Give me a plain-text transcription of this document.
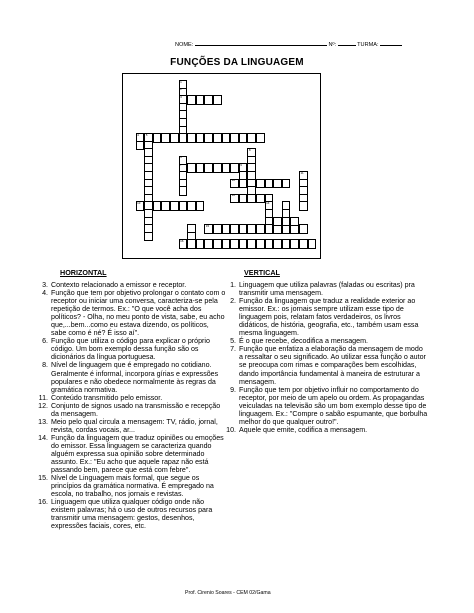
NOME:	Nº:	TURMA:
FUNÇÕES DA LINGUAGEM
1
2
3
4 5
9
6
8
10
12
11
13	14
15
16
HORIZONTAL	VERTICAL
3. Contexto relacionado a emissor e receptor.
4. Função que tem por objetivo prolongar o contato com o receptor ou iniciar uma conversa, caracteriza-se pela repetição de termos. Ex.: "O que você acha dos políticos? - Olha, no meu ponto de vista, sabe, eu acho que,...bem...como eu estava dizendo, os políticos, sabe como é né? É isso aí".
6. Função que utiliza o código para explicar o próprio código. Um bom exemplo dessa função são os dicionários da língua portuguesa.
8. Nível de linguagem que é empregado no cotidiano. Geralmente é informal, incorpora gírias e expressões populares e não obedece normalmente às regras da gramática normativa.
11. Conteúdo transmitido pelo emissor.
12. Conjunto de signos usado na transmissão e recepção da mensagem.
13. Meio pelo qual circula a mensagem: TV, rádio, jornal, revista, cordas vocais, ar...
14. Função da linguagem que traduz opiniões ou emoções do emissor. Essa linguagem se caracteriza quando alguém expressa sua opinião sobre determinado assunto. Ex.: "Eu acho que aquele rapaz não está passando bem, parece que está com febre".
15. Nível de Linguagem mais formal, que segue os princípios da gramática normativa. É empregado na escola, no trabalho, nos jornais e revistas.
16. Linguagem que utiliza qualquer código onde não existem palavras; há o uso de outros recursos para transmitir uma mensagem: gestos, desenhos, expressões faciais, cores, etc.
1. Linguagem que utiliza palavras (faladas ou escritas) pra transmitir uma mensagem.
2. Função da linguagem que traduz a realidade exterior ao emissor. Ex.: os jornais sempre utilizam esse tipo de linguagem pois, relatam fatos verdadeiros, os livros didáticos, de história, geografia, etc., também usam essa mesma linguagem.
5. É o que recebe, decodifica a mensagem.
7. Função que enfatiza a elaboração da mensagem de modo a ressaltar o seu significado. Ao utilizar essa função o autor se preocupa com rimas e comparações bem escolhidas, dando importância fundamental à maneira de estruturar a mensagem.
9. Função que tem por objetivo influir no comportamento do receptor, por meio de um apelo ou ordem. As propagandas veiculadas na televisão são um bom exemplo desse tipo de linguagem. Ex.: "Compre o sabão espumante, que borbulha melhor do que qualquer outro!".
10. Aquele que emite, codifica a mensagem.
Prof. Cirenio Soares - CEM 02/Gama
